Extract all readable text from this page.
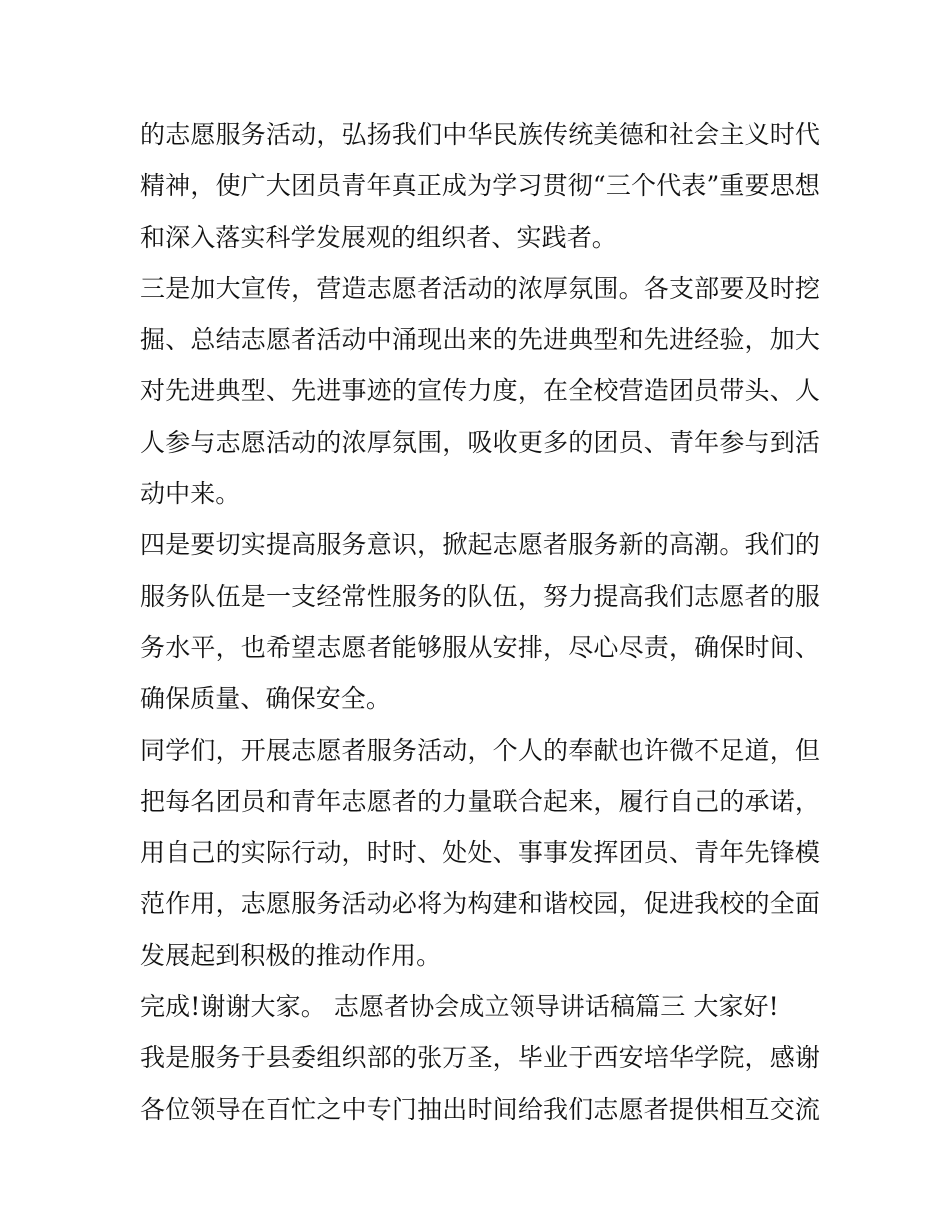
的志愿服务活动，弘扬我们中华民族传统美德和社会主义时代
精神，使广大团员青年真正成为学习贯彻“三个代表”重要思想
和深入落实科学发展观的组织者、实践者。

三是加大宣传，营造志愿者活动的浓厚氛围。各支部要及时挖
掘、总结志愿者活动中涌现出来的先进典型和先进经验，加大
对先进典型、先进事迹的宣传力度，在全校营造团员带头、人
人参与志愿活动的浓厚氛围，吸收更多的团员、青年参与到活
动中来。

四是要切实提高服务意识，掀起志愿者服务新的高潮。我们的
服务队伍是一支经常性服务的队伍，努力提高我们志愿者的服
务水平，也希望志愿者能够服从安排，尽心尽责，确保时间、
确保质量、确保安全。

同学们，开展志愿者服务活动，个人的奉献也许微不足道，但
把每名团员和青年志愿者的力量联合起来，履行自己的承诺，
用自己的实际行动，时时、处处、事事发挥团员、青年先锋模
范作用，志愿服务活动必将为构建和谐校园，促进我校的全面
发展起到积极的推动作用。

完成!谢谢大家。 志愿者协会成立领导讲话稿篇三 大家好!

我是服务于县委组织部的张万圣，毕业于西安培华学院，感谢
各位领导在百忙之中专门抽出时间给我们志愿者提供相互交流
